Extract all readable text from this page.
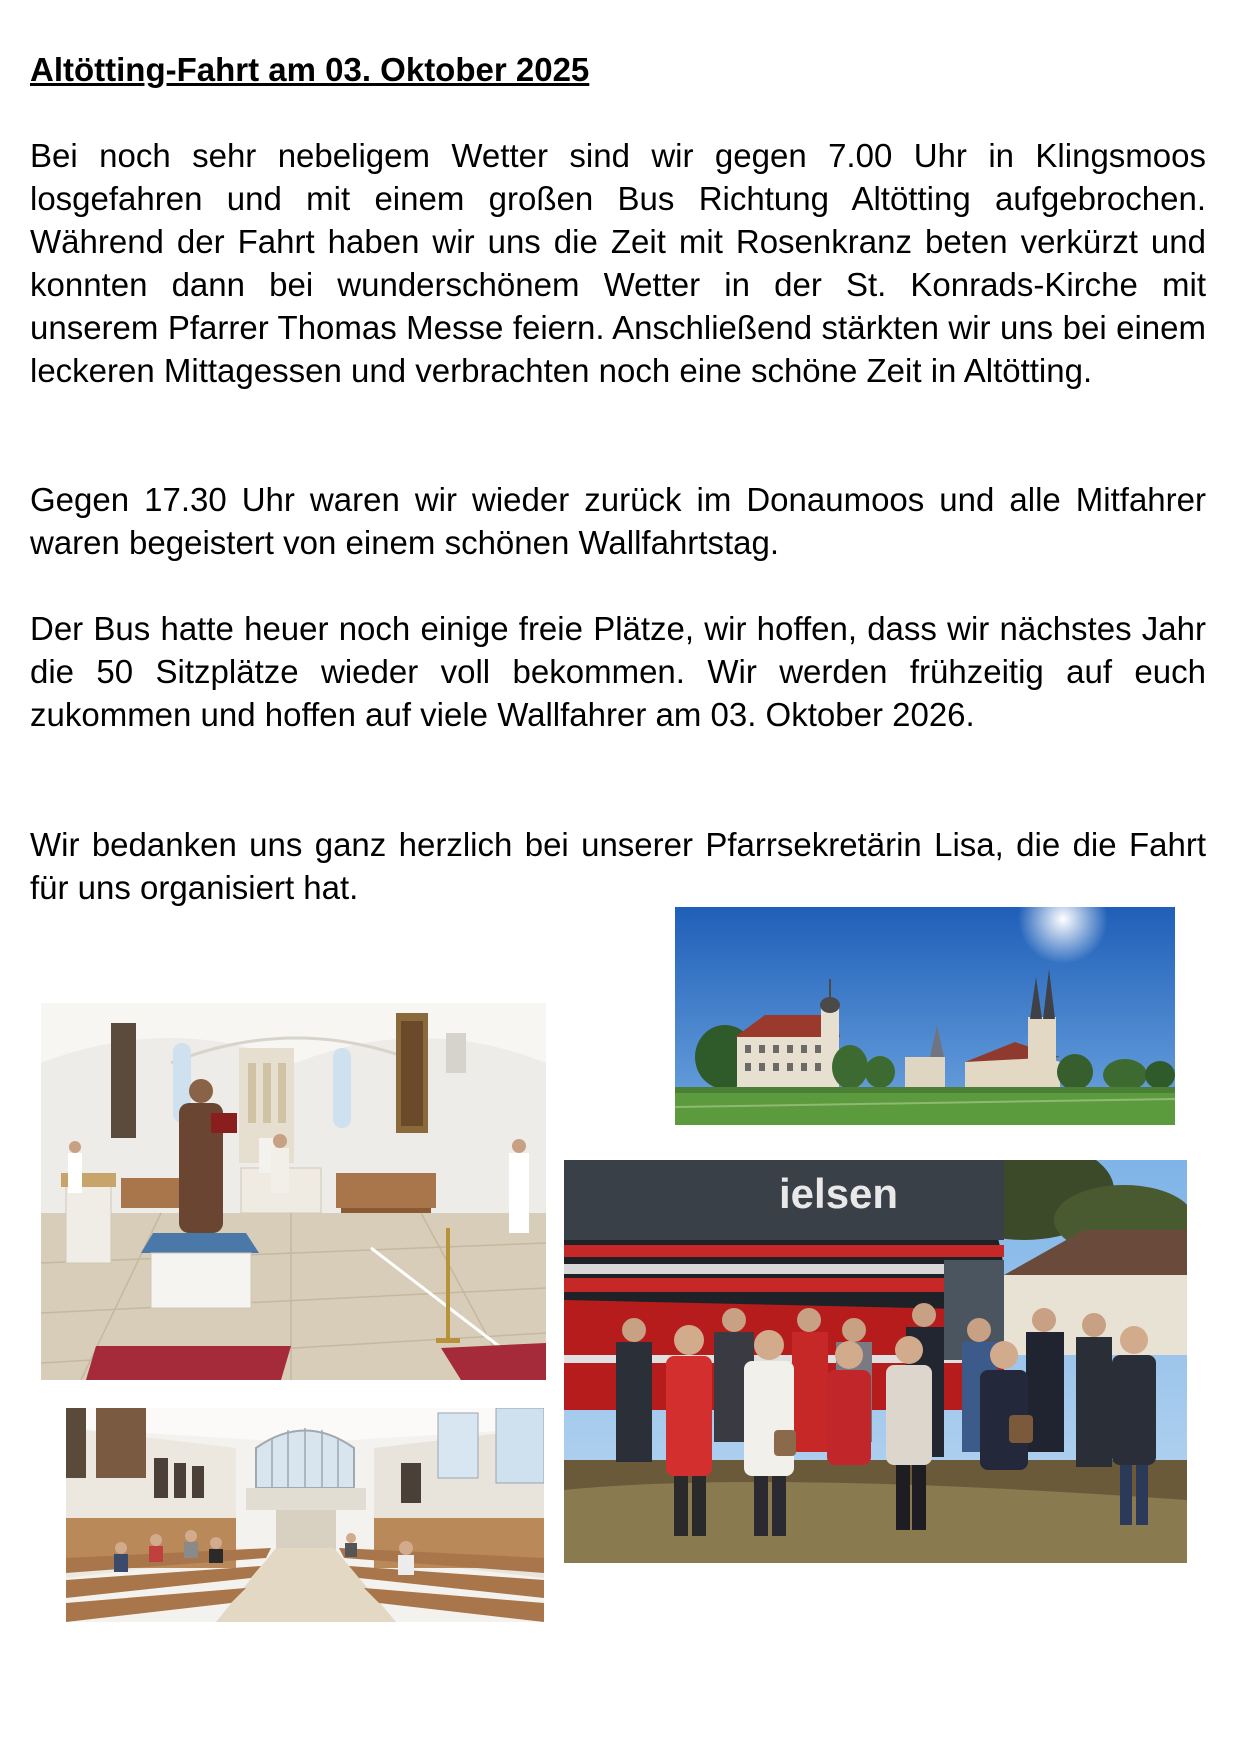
Altötting-Fahrt am 03. Oktober 2025

Bei noch sehr nebeligem Wetter sind wir gegen 7.00 Uhr in Klingsmoos losgefahren und mit einem großen Bus Richtung Altötting aufgebrochen. Während der Fahrt haben wir uns die Zeit mit Rosenkranz beten verkürzt und konnten dann bei wunderschönem Wetter in der St. Konrads-Kirche mit unserem Pfarrer Thomas Messe feiern. Anschließend stärkten wir uns bei einem leckeren Mittagessen und verbrachten noch eine schöne Zeit in Altötting.

Gegen 17.30 Uhr waren wir wieder zurück im Donaumoos und alle Mitfahrer waren begeistert von einem schönen Wallfahrtstag.

Der Bus hatte heuer noch einige freie Plätze, wir hoffen, dass wir nächstes Jahr die 50 Sitzplätze wieder voll bekommen. Wir werden frühzeitig auf euch zukommen und hoffen auf viele Wallfahrer am 03. Oktober 2026.

Wir bedanken uns ganz herzlich bei unserer Pfarrsekretärin Lisa, die die Fahrt für uns organisiert hat.

ielsen
